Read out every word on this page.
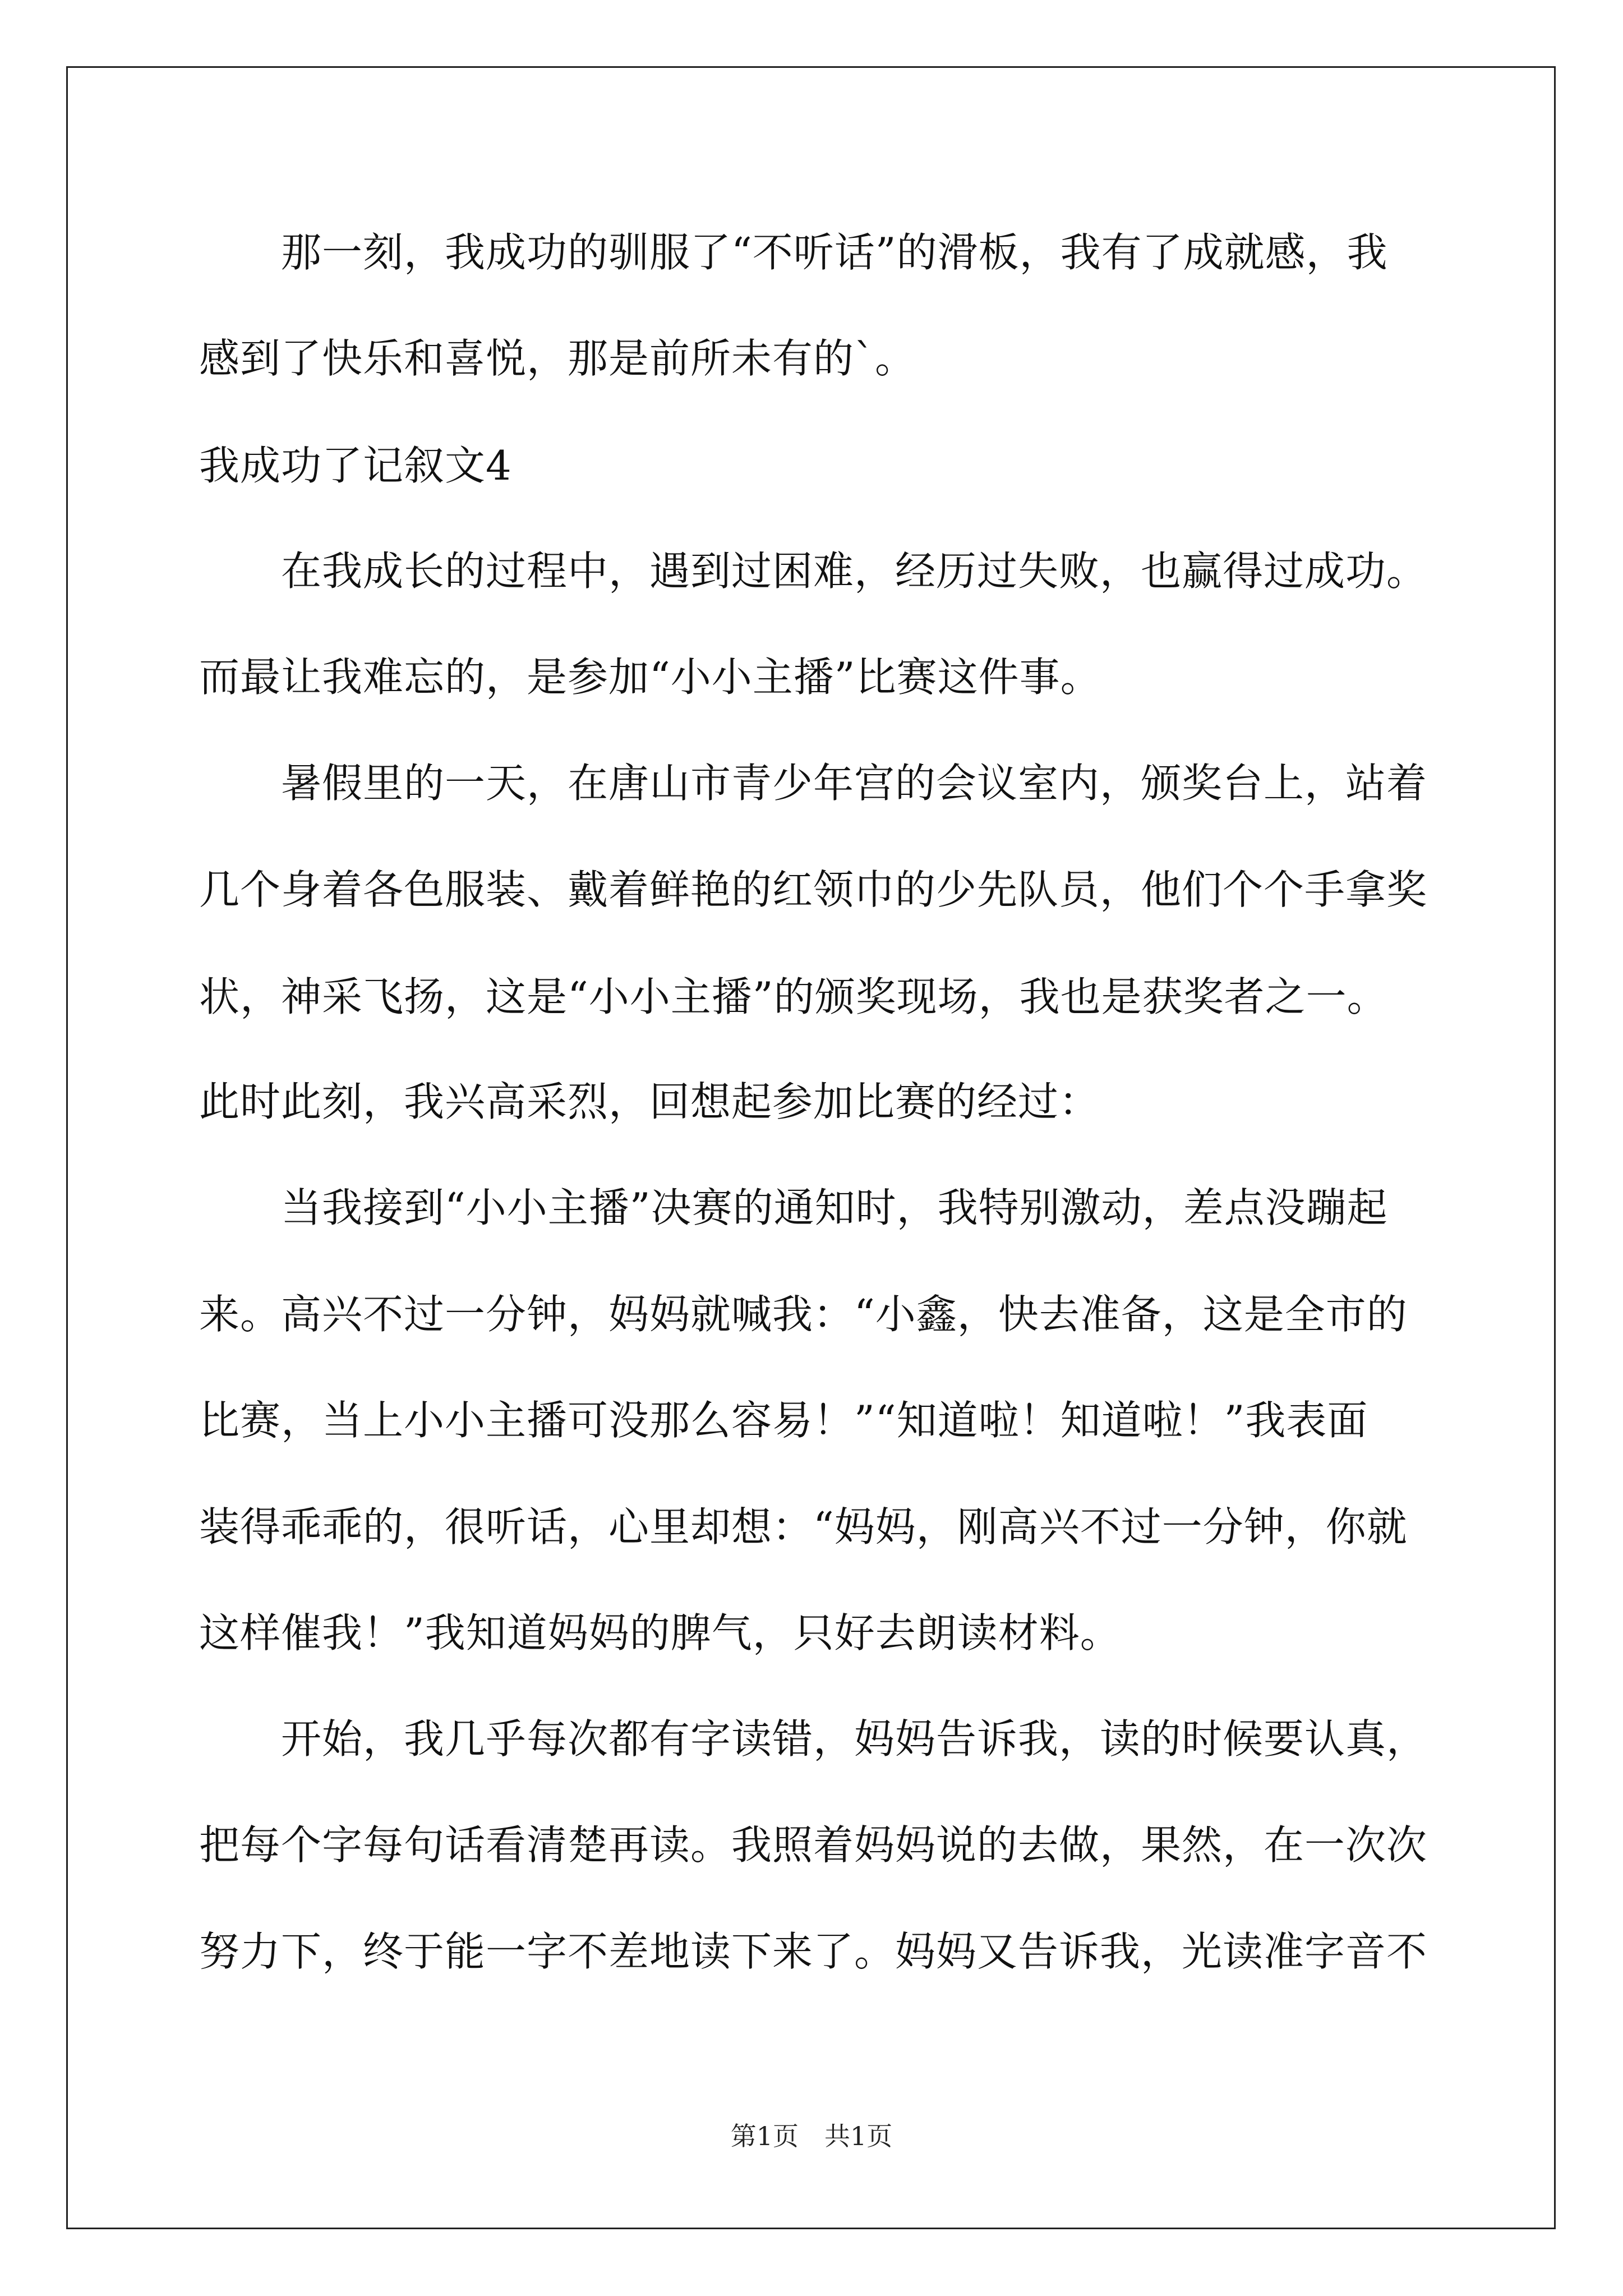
　　那一刻，我成功的驯服了“不听话”的滑板，我有了成就感，我
感到了快乐和喜悦，那是前所未有的`。
我成功了记叙文4
　　在我成长的过程中，遇到过困难，经历过失败，也赢得过成功。
而最让我难忘的，是参加“小小主播”比赛这件事。
　　暑假里的一天，在唐山市青少年宫的会议室内，颁奖台上，站着
几个身着各色服装、戴着鲜艳的红领巾的少先队员，他们个个手拿奖
状，神采飞扬，这是“小小主播”的颁奖现场，我也是获奖者之一。
此时此刻，我兴高采烈，回想起参加比赛的经过：
　　当我接到“小小主播”决赛的通知时，我特别激动，差点没蹦起
来。高兴不过一分钟，妈妈就喊我：“小鑫，快去准备，这是全市的
比赛，当上小小主播可没那么容易！”“知道啦！知道啦！”我表面
装得乖乖的，很听话，心里却想：“妈妈，刚高兴不过一分钟，你就
这样催我！”我知道妈妈的脾气，只好去朗读材料。
　　开始，我几乎每次都有字读错，妈妈告诉我，读的时候要认真，
把每个字每句话看清楚再读。我照着妈妈说的去做，果然，在一次次
努力下，终于能一字不差地读下来了。妈妈又告诉我，光读准字音不
第1页　共1页
